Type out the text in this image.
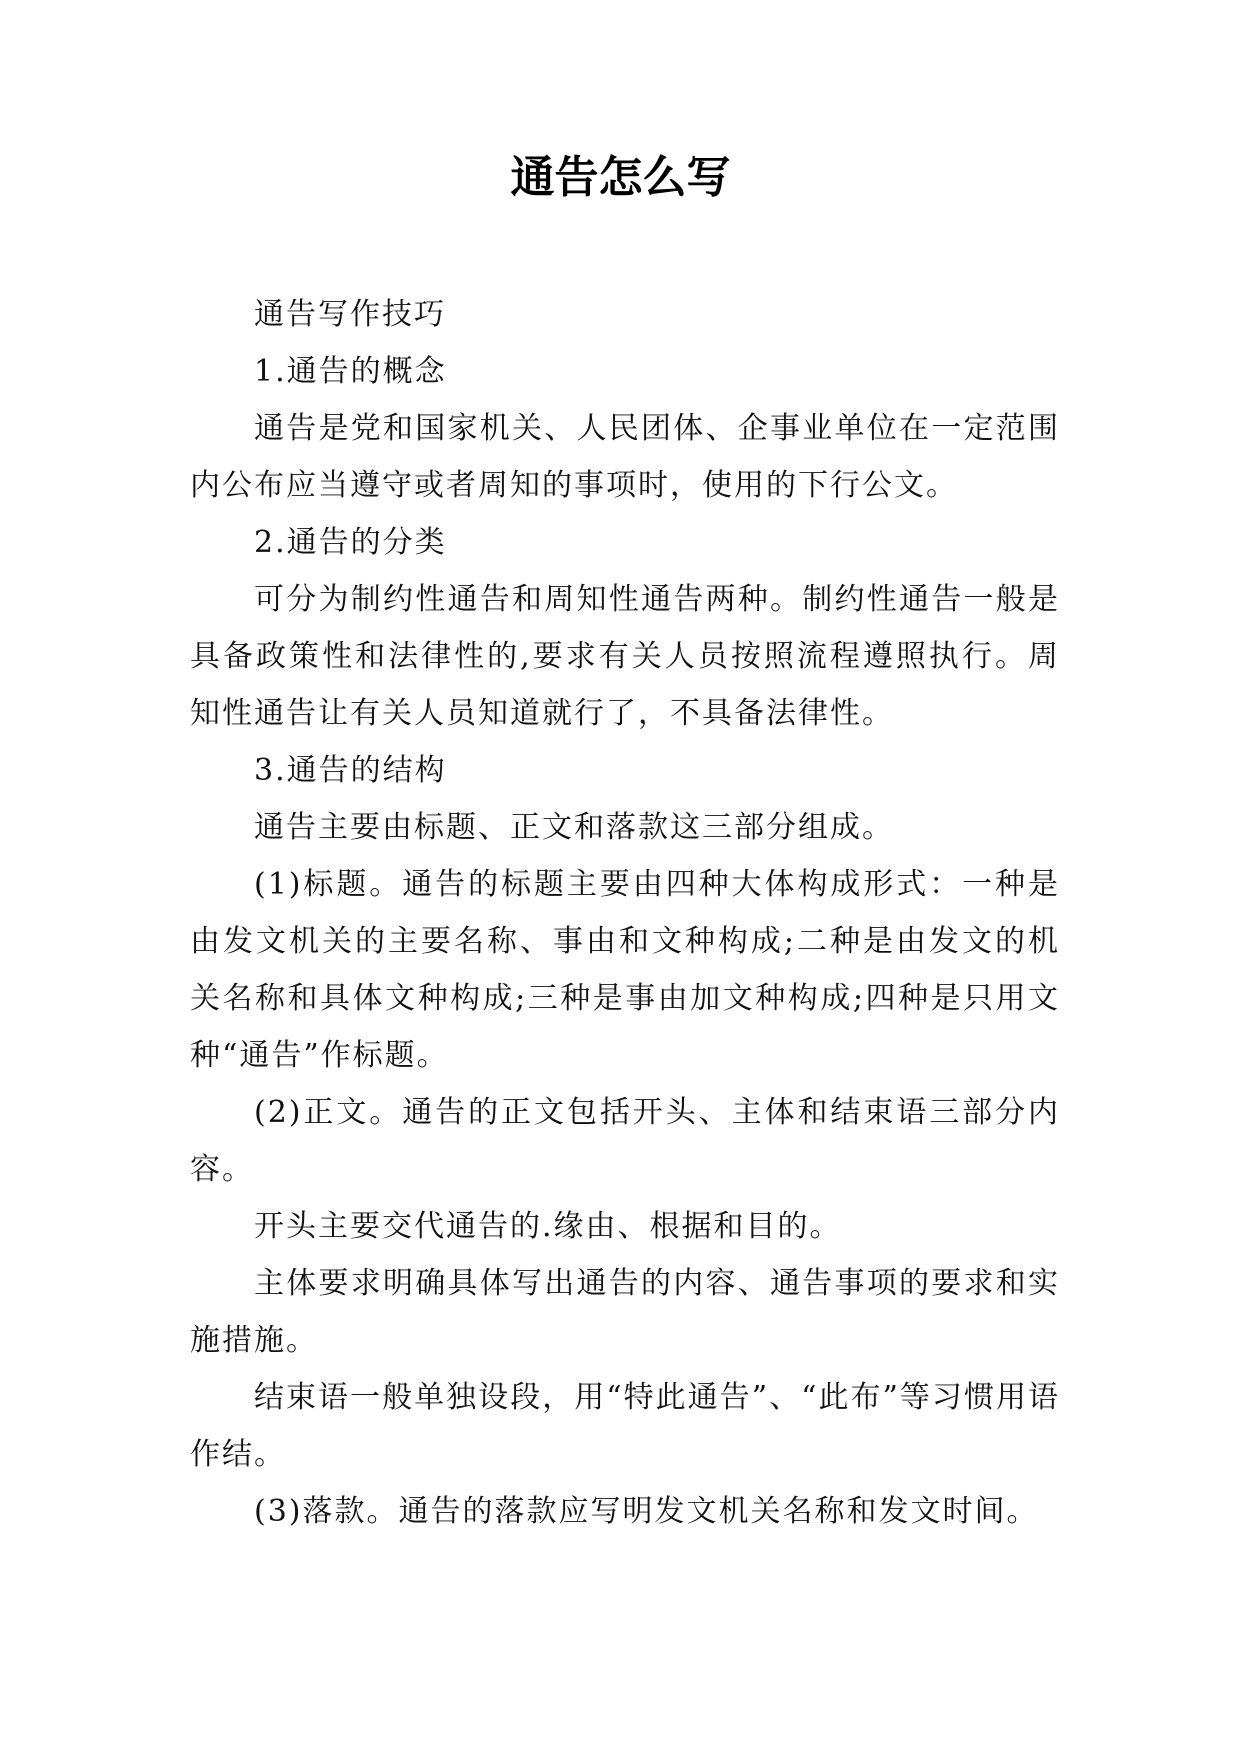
通告怎么写

通告写作技巧

1.通告的概念

通告是党和国家机关、人民团体、企事业单位在一定范围内公布应当遵守或者周知的事项时，使用的下行公文。

2.通告的分类

可分为制约性通告和周知性通告两种。制约性通告一般是具备政策性和法律性的,要求有关人员按照流程遵照执行。周知性通告让有关人员知道就行了，不具备法律性。

3.通告的结构

通告主要由标题、正文和落款这三部分组成。

(1)标题。通告的标题主要由四种大体构成形式：一种是由发文机关的主要名称、事由和文种构成;二种是由发文的机关名称和具体文种构成;三种是事由加文种构成;四种是只用文种“通告”作标题。

(2)正文。通告的正文包括开头、主体和结束语三部分内容。

开头主要交代通告的.缘由、根据和目的。

主体要求明确具体写出通告的内容、通告事项的要求和实施措施。

结束语一般单独设段，用“特此通告”、“此布”等习惯用语作结。

(3)落款。通告的落款应写明发文机关名称和发文时间。
